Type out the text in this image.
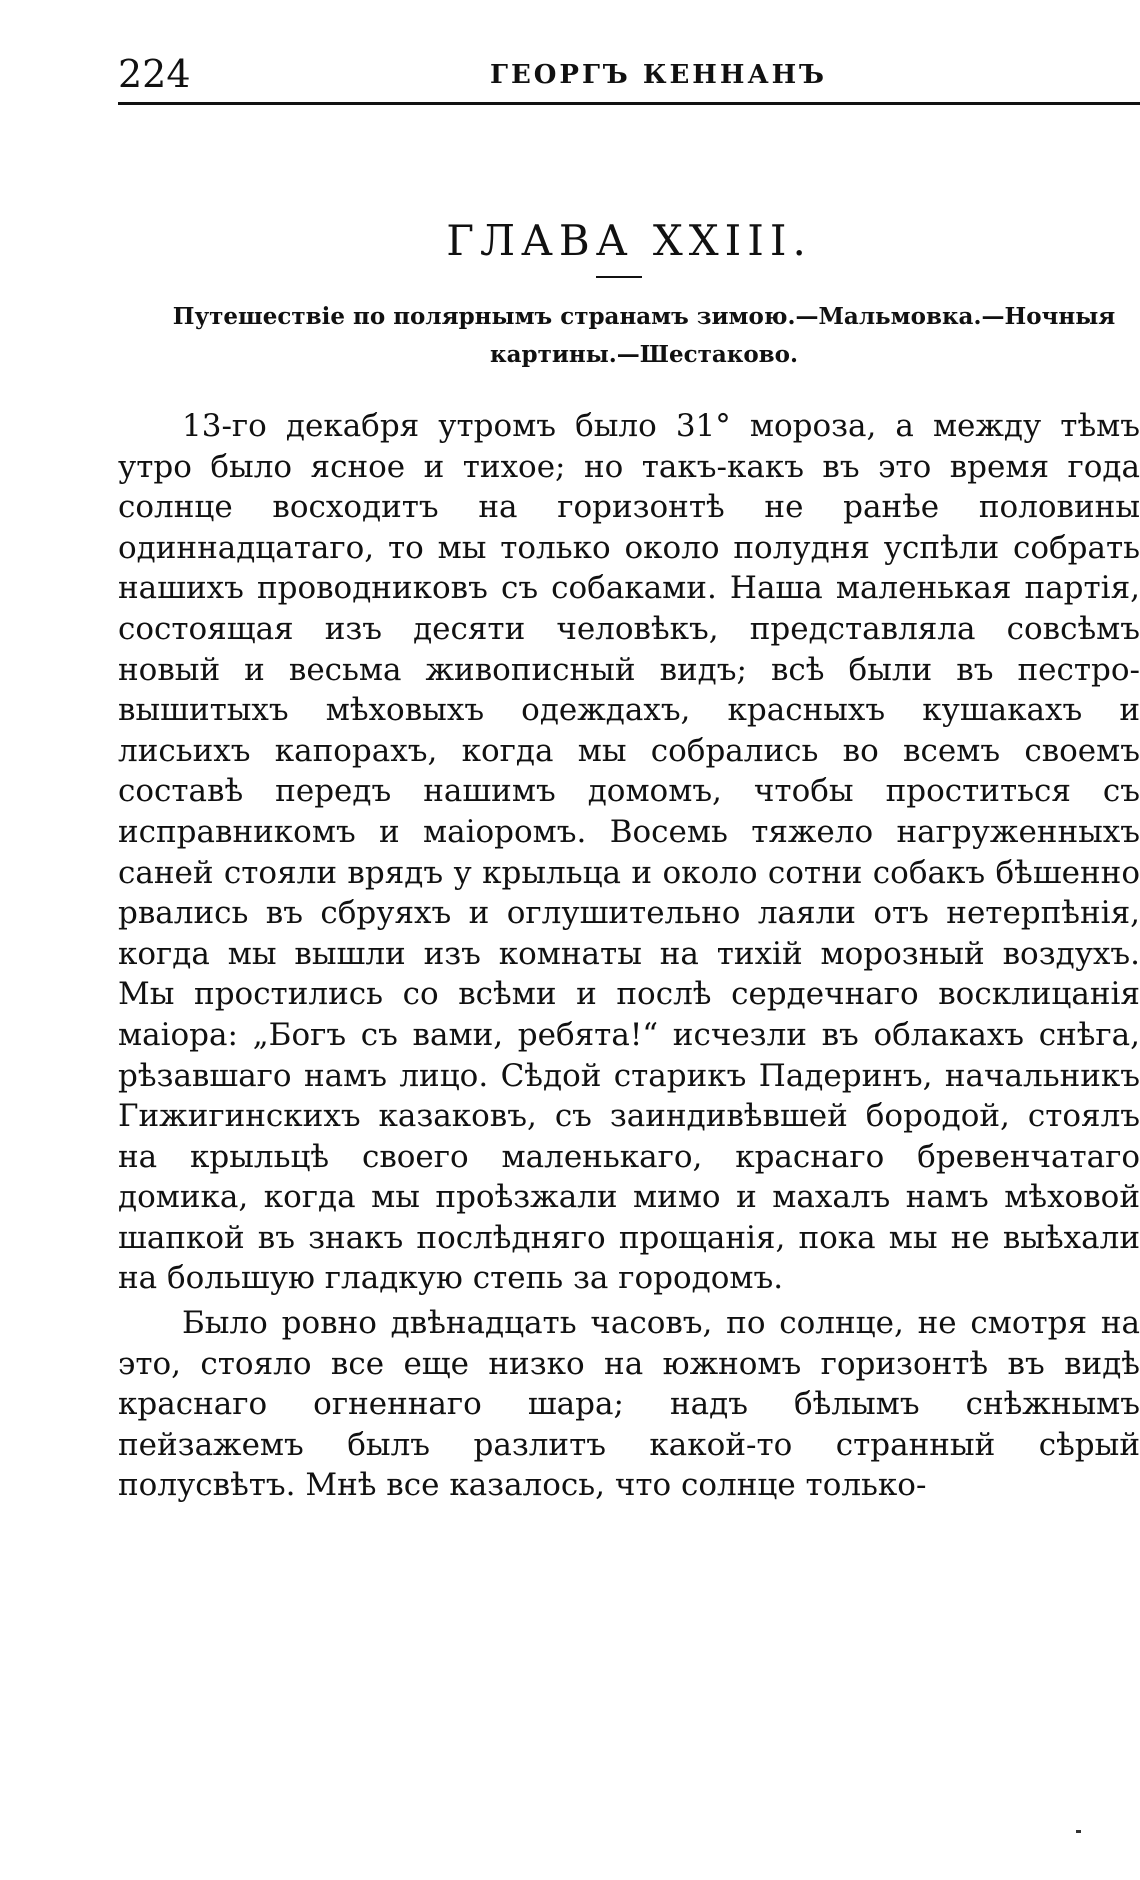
224	ГЕОРГЪ КЕННАНЪ
ГЛАВА XXIII.
Путешествіе по полярнымъ странамъ зимою.—Мальмовка.—Ночныя картины.—Шестаково.

13-го декабря утромъ было 31° мороза, а между тѣмъ утро было ясное и тихое; но такъ-какъ въ это время года солнце восходитъ на горизонтѣ не ранѣе половины одиннадцатаго, то мы только около полудня успѣли собрать нашихъ проводниковъ съ собаками. Наша маленькая партія, состоящая изъ десяти человѣкъ, представляла совсѣмъ новый и весьма живописный видъ; всѣ были въ пестро-вышитыхъ мѣховыхъ одеждахъ, красныхъ кушакахъ и лисьихъ капорахъ, когда мы собрались во всемъ своемъ составѣ передъ нашимъ домомъ, чтобы проститься съ исправникомъ и маіоромъ. Восемь тяжело нагруженныхъ саней стояли врядъ у крыльца и около сотни собакъ бѣшенно рвались въ сбруяхъ и оглушительно лаяли отъ нетерпѣнія, когда мы вышли изъ комнаты на тихій морозный воздухъ. Мы простились со всѣми и послѣ сердечнаго восклицанія маіора: „Богъ съ вами, ребята!“ исчезли въ облакахъ снѣга, рѣзавшаго намъ лицо. Сѣдой старикъ Падеринъ, начальникъ Гижигинскихъ казаковъ, съ заиндивѣвшей бородой, стоялъ на крыльцѣ своего маленькаго, краснаго бревенчатаго домика, когда мы проѣзжали мимо и махалъ намъ мѣховой шапкой въ знакъ послѣдняго прощанія, пока мы не выѣхали на большую гладкую степь за городомъ.

Было ровно двѣнадцать часовъ, по солнце, не смотря на это, стояло все еще низко на южномъ горизонтѣ въ видѣ краснаго огненнаго шара; надъ бѣлымъ снѣжнымъ пейзажемъ былъ разлитъ какой-то странный сѣрый полусвѣтъ. Мнѣ все казалось, что солнце только-
